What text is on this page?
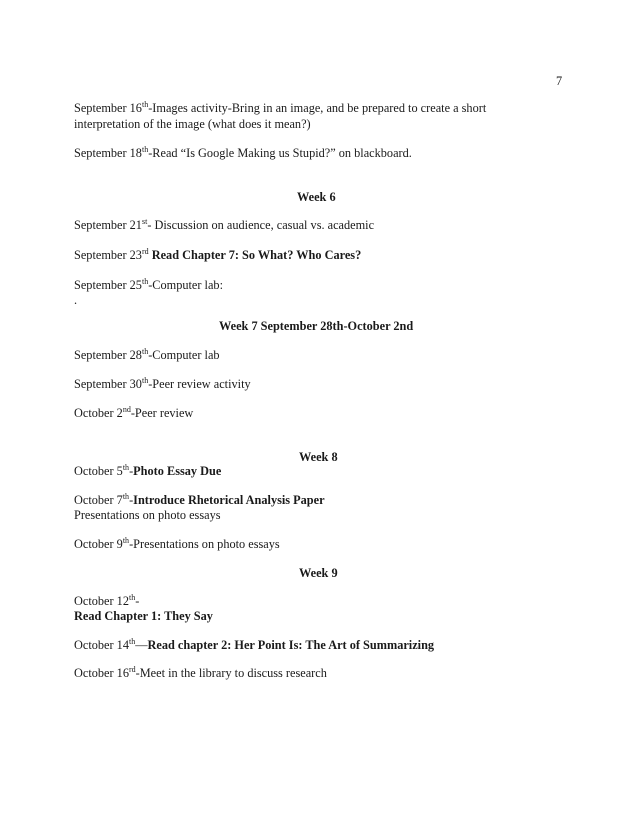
7
September 16th-Images activity-Bring in an image, and be prepared to create a short
interpretation of the image (what does it mean?)
September 18th-Read “Is Google Making us Stupid?” on blackboard.
Week 6
September 21st- Discussion on audience, casual vs. academic
September 23rd Read Chapter 7: So What? Who Cares?
September 25th-Computer lab:
.
Week 7 September 28th-October 2nd
September 28th-Computer lab
September 30th-Peer review activity
October 2nd-Peer review
Week 8
October 5th-Photo Essay Due
October 7th-Introduce Rhetorical Analysis Paper
Presentations on photo essays
October 9th-Presentations on photo essays
Week 9
October 12th-
Read Chapter 1: They Say
October 14th—Read chapter 2: Her Point Is: The Art of Summarizing
October 16rd-Meet in the library to discuss research
